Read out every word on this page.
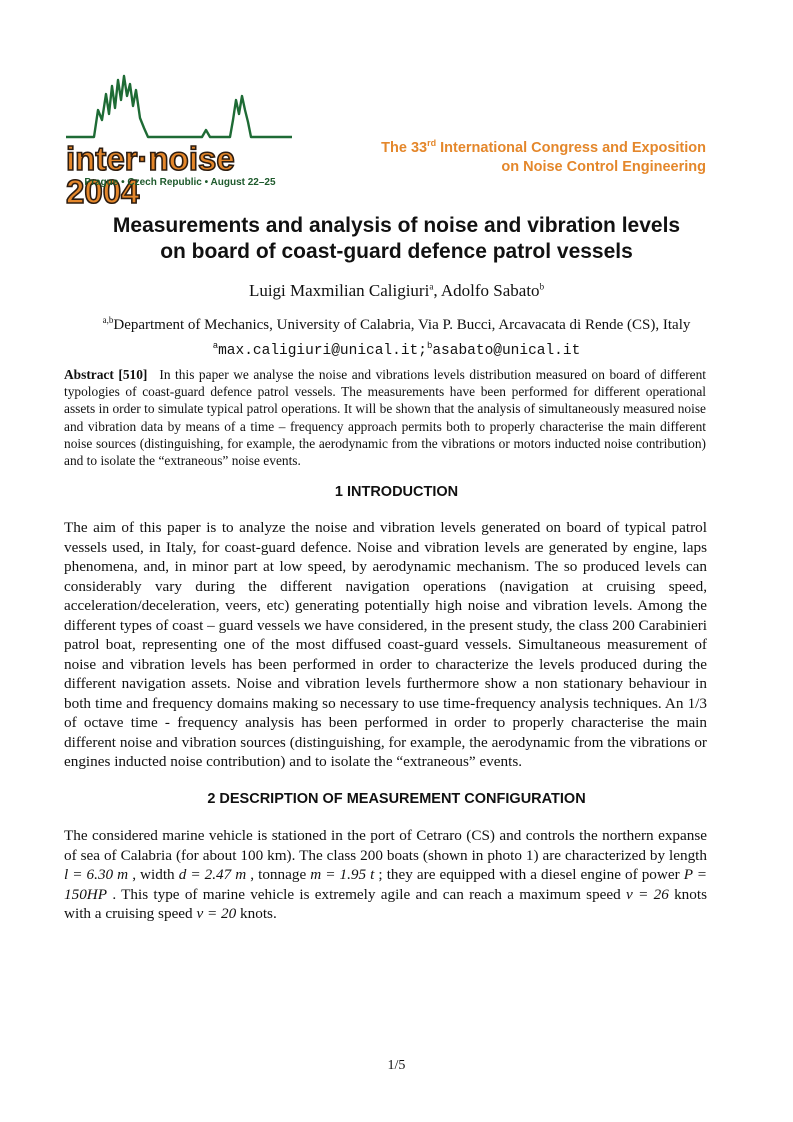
inter·noise 2004
Prague • Czech Republic • August 22–25
The 33rd International Congress and Exposition
on Noise Control Engineering
Measurements and analysis of noise and vibration levels
on board of coast-guard defence patrol vessels
Luigi Maxmilian Caligiuri$^a$, Adolfo Sabato$^b$
$^{a,b}$Department of Mechanics, University of Calabria, Via P. Bucci, Arcavacata di Rende (CS), Italy
$^a$max.caligiuri@unical.it;$^b$asabato@unical.it
Abstract [510] In this paper we analyse the noise and vibrations levels distribution measured on board of different typologies of coast-guard defence patrol vessels. The measurements have been performed for different operational assets in order to simulate typical patrol operations. It will be shown that the analysis of simultaneously measured noise and vibration data by means of a time – frequency approach permits both to properly characterise the main different noise sources (distinguishing, for example, the aerodynamic from the vibrations or motors inducted noise contribution) and to isolate the “extraneous” noise events.
1 INTRODUCTION
The aim of this paper is to analyze the noise and vibration levels generated on board of typical patrol vessels used, in Italy, for coast-guard defence. Noise and vibration levels are generated by engine, laps phenomena, and, in minor part at low speed, by aerodynamic mechanism. The so produced levels can considerably vary during the different navigation operations (navigation at cruising speed, acceleration/deceleration, veers, etc) generating potentially high noise and vibration levels. Among the different types of coast – guard vessels we have considered, in the present study, the class 200 Carabinieri patrol boat, representing one of the most diffused coast-guard vessels. Simultaneous measurement of noise and vibration levels has been performed in order to characterize the levels produced during the different navigation assets. Noise and vibration levels furthermore show a non stationary behaviour in both time and frequency domains making so necessary to use time-frequency analysis techniques. An 1/3 of octave time - frequency analysis has been performed in order to properly characterise the main different noise and vibration sources (distinguishing, for example, the aerodynamic from the vibrations or engines inducted noise contribution) and to isolate the “extraneous” events.
2 DESCRIPTION OF MEASUREMENT CONFIGURATION
The considered marine vehicle is stationed in the port of Cetraro (CS) and controls the northern expanse of sea of Calabria (for about 100 km). The class 200 boats (shown in photo 1) are characterized by length l = 6.30 m , width d = 2.47 m , tonnage m = 1.95 t ; they are equipped with a diesel engine of power P = 150HP . This type of marine vehicle is extremely agile and can reach a maximum speed v = 26 knots with a cruising speed v = 20 knots.
1/5
